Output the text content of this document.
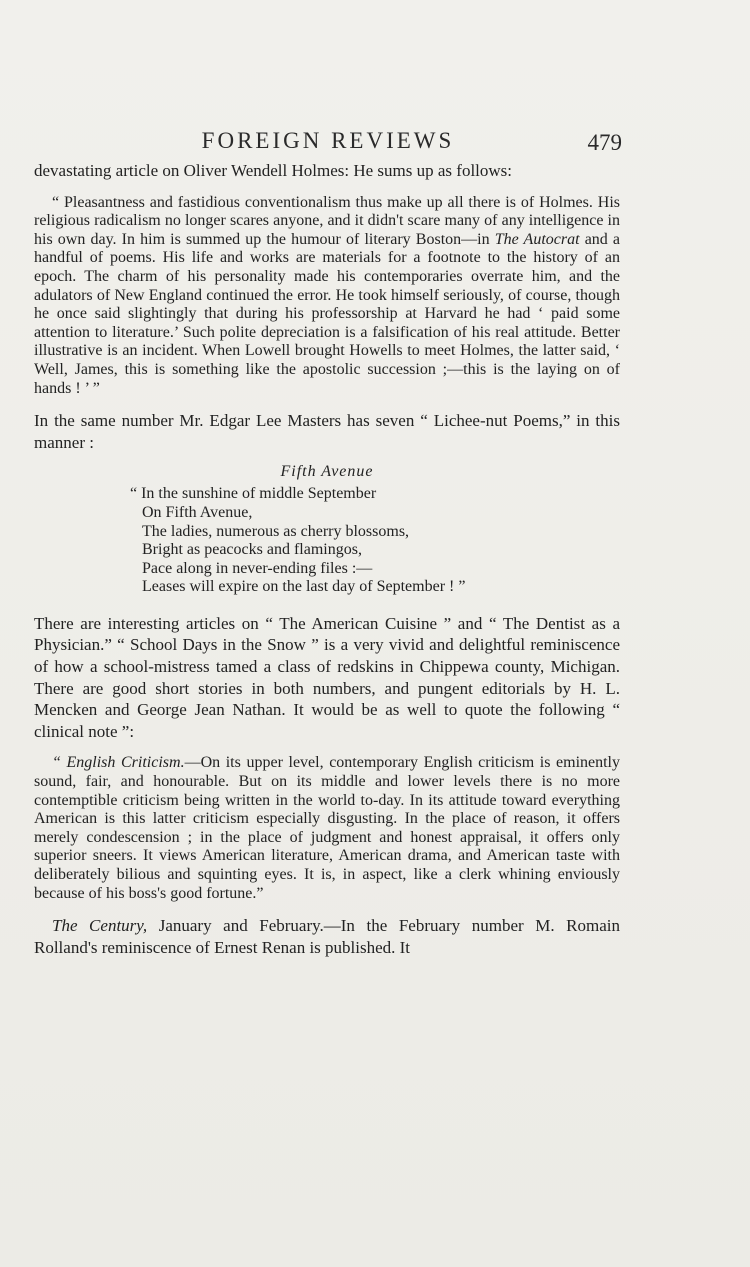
FOREIGN REVIEWS	479

devastating article on Oliver Wendell Holmes: He sums up as follows:

“ Pleasantness and fastidious conventionalism thus make up all there is of Holmes. His religious radicalism no longer scares anyone, and it didn't scare many of any intelligence in his own day. In him is summed up the humour of literary Boston—in The Autocrat and a handful of poems. His life and works are materials for a footnote to the history of an epoch. The charm of his personality made his contemporaries overrate him, and the adulators of New England continued the error. He took himself seriously, of course, though he once said slightingly that during his professorship at Harvard he had ‘ paid some attention to literature.’ Such polite depreciation is a falsification of his real attitude. Better illustrative is an incident. When Lowell brought Howells to meet Holmes, the latter said, ‘ Well, James, this is something like the apostolic succession ;—this is the laying on of hands ! ’ ”

In the same number Mr. Edgar Lee Masters has seven “ Lichee-nut Poems,” in this manner :

Fifth Avenue
“ In the sunshine of middle September
On Fifth Avenue,
The ladies, numerous as cherry blossoms,
Bright as peacocks and flamingos,
Pace along in never-ending files :—
Leases will expire on the last day of September ! ”

There are interesting articles on “ The American Cuisine ” and “ The Dentist as a Physician.” “ School Days in the Snow ” is a very vivid and delightful reminiscence of how a school-mistress tamed a class of redskins in Chippewa county, Michigan. There are good short stories in both numbers, and pungent editorials by H. L. Mencken and George Jean Nathan. It would be as well to quote the following “ clinical note ”:

“ English Criticism.—On its upper level, contemporary English criticism is eminently sound, fair, and honourable. But on its middle and lower levels there is no more contemptible criticism being written in the world to-day. In its attitude toward everything American is this latter criticism especially disgusting. In the place of reason, it offers merely condescension ; in the place of judgment and honest appraisal, it offers only superior sneers. It views American literature, American drama, and American taste with deliberately bilious and squinting eyes. It is, in aspect, like a clerk whining enviously because of his boss's good fortune.”

The Century, January and February.—In the February number M. Romain Rolland's reminiscence of Ernest Renan is published. It
